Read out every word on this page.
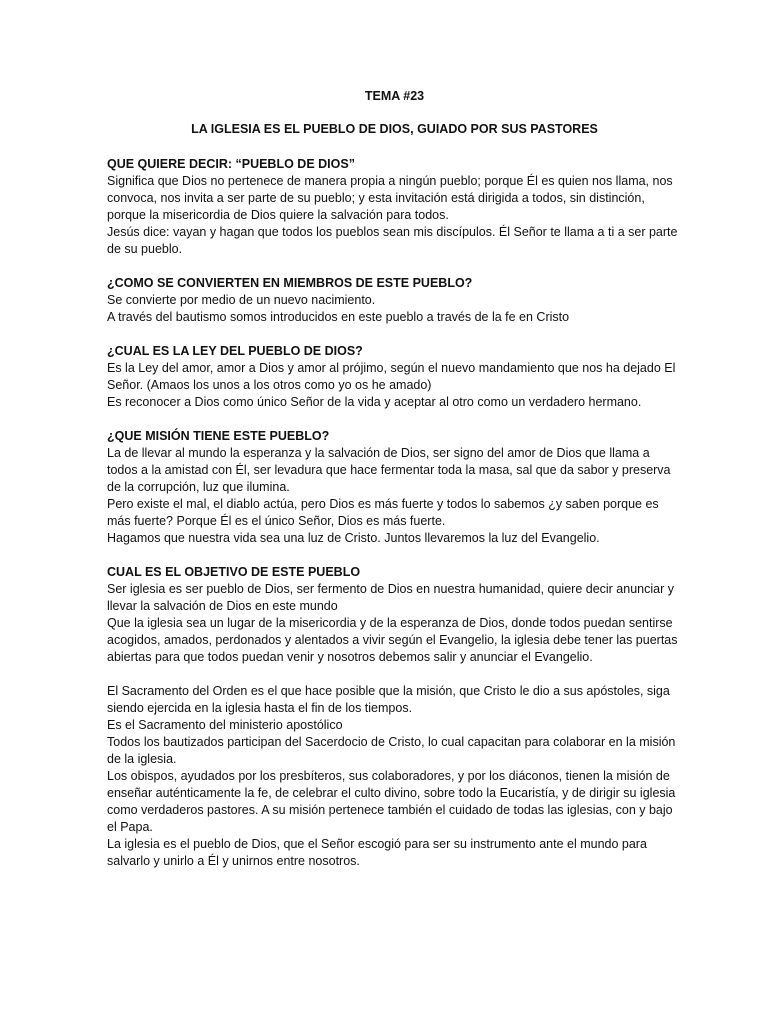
TEMA #23
LA IGLESIA ES EL PUEBLO DE DIOS, GUIADO POR SUS PASTORES
QUE QUIERE DECIR: “PUEBLO DE DIOS”
Significa que Dios no pertenece de manera propia a ningún pueblo; porque Él es quien nos llama, nos convoca, nos invita a ser parte de su pueblo; y esta invitación está dirigida a todos, sin distinción, porque la misericordia de Dios quiere la salvación para todos.
Jesús dice: vayan y hagan que todos los pueblos sean mis discípulos. Él Señor te llama a ti a ser parte de su pueblo.
¿COMO SE CONVIERTEN EN MIEMBROS DE ESTE PUEBLO?
Se convierte por medio de un nuevo nacimiento.
A través del bautismo somos introducidos en este pueblo a través de la fe en Cristo
¿CUAL ES LA LEY DEL PUEBLO DE DIOS?
Es la Ley del amor, amor a Dios y amor al prójimo, según el nuevo mandamiento que nos ha dejado El Señor. (Amaos los unos a los otros como yo os he amado)
Es reconocer a Dios como único Señor de la vida y aceptar al otro como un verdadero hermano.
¿QUE MISIÓN TIENE ESTE PUEBLO?
La de llevar al mundo la esperanza y la salvación de Dios, ser signo del amor de Dios que llama a todos a la amistad con Él, ser levadura que hace fermentar toda la masa, sal que da sabor y preserva de la corrupción, luz que ilumina.
Pero existe el mal, el diablo actúa, pero Dios es más fuerte y todos lo sabemos ¿y saben porque es más fuerte? Porque Él es el único Señor, Dios es más fuerte.
Hagamos que nuestra vida sea una luz de Cristo. Juntos llevaremos la luz del Evangelio.
CUAL ES EL OBJETIVO DE ESTE PUEBLO
Ser iglesia es ser pueblo de Dios, ser fermento de Dios en nuestra humanidad, quiere decir anunciar y llevar la salvación de Dios en este mundo
Que la iglesia sea un lugar de la misericordia y de la esperanza de Dios, donde todos puedan sentirse acogidos, amados, perdonados y alentados a vivir según el Evangelio, la iglesia debe tener las puertas abiertas para que todos puedan venir y nosotros debemos salir y anunciar el Evangelio.
El Sacramento del Orden es el que hace posible que la misión, que Cristo le dio a sus apóstoles, siga siendo ejercida en la iglesia hasta el fin de los tiempos.
Es el Sacramento del ministerio apostólico
Todos los bautizados participan del Sacerdocio de Cristo, lo cual capacitan para colaborar en la misión de la iglesia.
Los obispos, ayudados por los presbíteros, sus colaboradores, y por los diáconos, tienen la misión de enseñar auténticamente la fe, de celebrar el culto divino, sobre todo la Eucaristía, y de dirigir su iglesia como verdaderos pastores. A su misión pertenece también el cuidado de todas las iglesias, con y bajo el Papa.
La iglesia es el pueblo de Dios, que el Señor escogió para ser su instrumento ante el mundo para salvarlo y unirlo a Él y unirnos entre nosotros.
